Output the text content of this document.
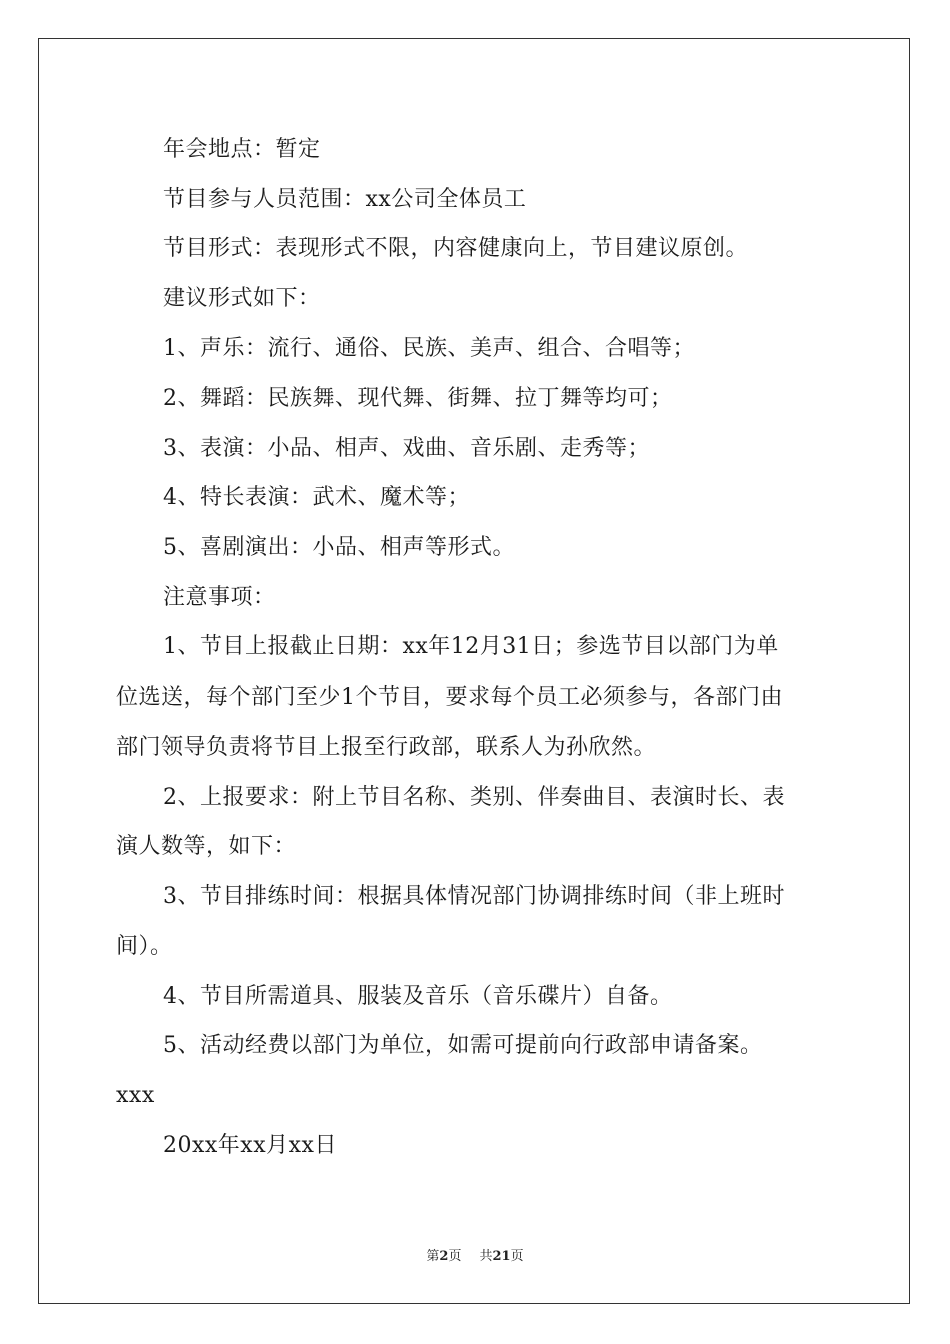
年会地点：暂定
节目参与人员范围：xx公司全体员工
节目形式：表现形式不限，内容健康向上，节目建议原创。
建议形式如下：
1、声乐：流行、通俗、民族、美声、组合、合唱等；
2、舞蹈：民族舞、现代舞、街舞、拉丁舞等均可；
3、表演：小品、相声、戏曲、音乐剧、走秀等；
4、特长表演：武术、魔术等；
5、喜剧演出：小品、相声等形式。
注意事项：
1、节目上报截止日期：xx年12月31日；参选节目以部门为单
位选送，每个部门至少1个节目，要求每个员工必须参与，各部门由
部门领导负责将节目上报至行政部，联系人为孙欣然。
2、上报要求：附上节目名称、类别、伴奏曲目、表演时长、表
演人数等，如下：
3、节目排练时间：根据具体情况部门协调排练时间（非上班时
间）。
4、节目所需道具、服装及音乐（音乐碟片）自备。
5、活动经费以部门为单位，如需可提前向行政部申请备案。
xxx
20xx年xx月xx日
第2页 共21页
